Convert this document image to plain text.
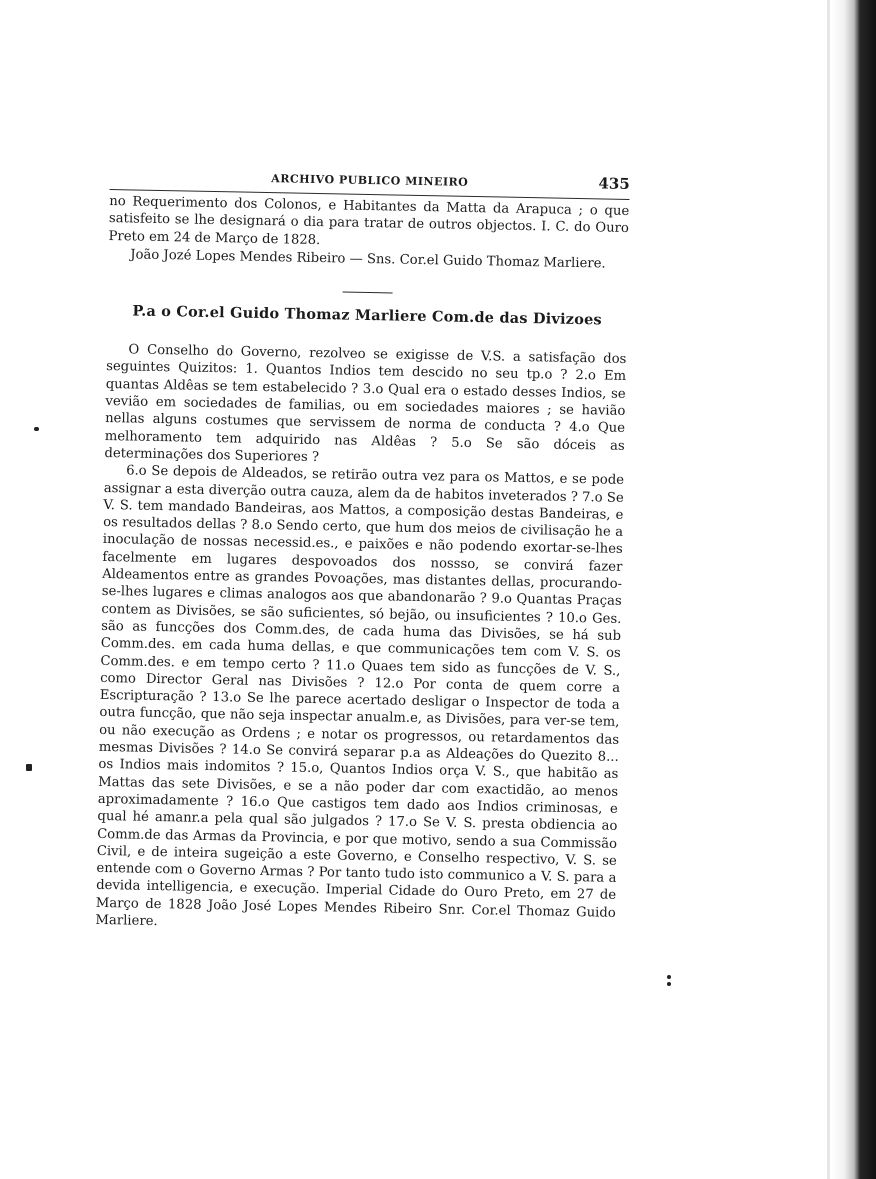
ARCHIVO PUBLICO MINEIRO	435

no Requerimento dos Colonos, e Habitantes da Matta da Arapuca ; o que satisfeito se lhe designará o dia para tratar de outros objectos. I. C. do Ouro Preto em 24 de Março de 1828.

João Jozé Lopes Mendes Ribeiro — Sns. Cor.el Guido Thomaz Marliere.

P.a o Cor.el Guido Thomaz Marliere Com.de das Divizoes

O Conselho do Governo, rezolveo se exigisse de V.S. a satisfação dos seguintes Quizitos: 1. Quantos Indios tem descido no seu tp.o ? 2.o Em quantas Aldêas se tem estabelecido ? 3.o Qual era o estado desses Indios, se vevião em sociedades de familias, ou em sociedades maiores ; se havião nellas alguns costumes que servissem de norma de conducta ? 4.o Que melhoramento tem adquirido nas Aldêas ? 5.o Se são dóceis as determinações dos Superiores ?

6.o Se depois de Aldeados, se retirão outra vez para os Mattos, e se pode assignar a esta diverção outra cauza, alem da de habitos inveterados ? 7.o Se V. S. tem mandado Bandeiras, aos Mattos, a composição destas Bandeiras, e os resultados dellas ? 8.o Sendo certo, que hum dos meios de civilisação he a inoculação de nossas necessid.es., e paixões e não podendo exortar-se-lhes facelmente em lugares despovoados dos nossso, se convirá fazer Aldeamentos entre as grandes Povoações, mas distantes dellas, procurando-se-lhes lugares e climas analogos aos que abandonarão ? 9.o Quantas Praças contem as Divisões, se são suficientes, só bejão, ou insuficientes ? 10.o Ges. são as funcções dos Comm.des, de cada huma das Divisões, se há sub Comm.des. em cada huma dellas, e que communicações tem com V. S. os Comm.des. e em tempo certo ? 11.o Quaes tem sido as funcções de V. S., como Director Geral nas Divisões ? 12.o Por conta de quem corre a Escripturação ? 13.o Se lhe parece acertado desligar o Inspector de toda a outra funcção, que não seja inspectar anualm.e, as Divisões, para ver-se tem, ou não execução as Ordens ; e notar os progressos, ou retardamentos das mesmas Divisões ? 14.o Se convirá separar p.a as Aldeações do Quezito 8... os Indios mais indomitos ? 15.o, Quantos Indios orça V. S., que habitão as Mattas das sete Divisões, e se a não poder dar com exactidão, ao menos aproximadamente ? 16.o Que castigos tem dado aos Indios criminosas, e qual hé amanr.a pela qual são julgados ? 17.o Se V. S. presta obdiencia ao Comm.de das Armas da Provincia, e por que motivo, sendo a sua Commissão Civil, e de inteira sugeição a este Governo, e Conselho respectivo, V. S. se entende com o Governo Armas ? Por tanto tudo isto communico a V. S. para a devida intelligencia, e execução. Imperial Cidade do Ouro Preto, em 27 de Março de 1828 João José Lopes Mendes Ribeiro Snr. Cor.el Thomaz Guido Marliere.
